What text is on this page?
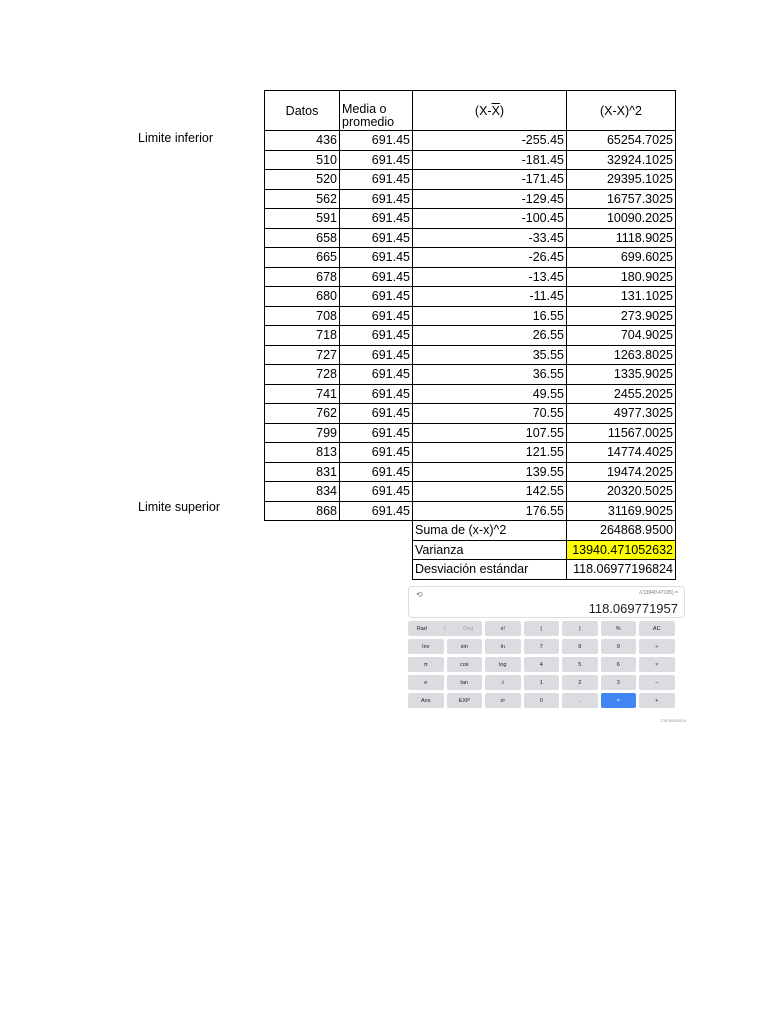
Limite inferior
Limite superior
Datos	Media o promedio	$(X-\overline{X})$	(X-X)^2
436	691.45	-255.45	65254.7025
510	691.45	-181.45	32924.1025
520	691.45	-171.45	29395.1025
562	691.45	-129.45	16757.3025
591	691.45	-100.45	10090.2025
658	691.45	-33.45	1118.9025
665	691.45	-26.45	699.6025
678	691.45	-13.45	180.9025
680	691.45	-11.45	131.1025
708	691.45	16.55	273.9025
718	691.45	26.55	704.9025
727	691.45	35.55	1263.8025
728	691.45	36.55	1335.9025
741	691.45	49.55	2455.2025
762	691.45	70.55	4977.3025
799	691.45	107.55	11567.0025
813	691.45	121.55	14774.4025
831	691.45	139.55	19474.2025
834	691.45	142.55	20320.5025
868	691.45	176.55	31169.9025
		Suma de (x-x)^2	264868.9500
		Varianza	13940.471052632
		Desviación estándar	118.06977196824
⟲	√(13940.47105) =
118.069771957
Rad	|	Deg	x!	(	)	%	AC
Inv	sin	ln	7	8	9	÷
π	cos	log	4	5	6	×
e	tan	√	1	2	3	−
Ans	EXP	xʸ	0	.	=	+
Comentarios
